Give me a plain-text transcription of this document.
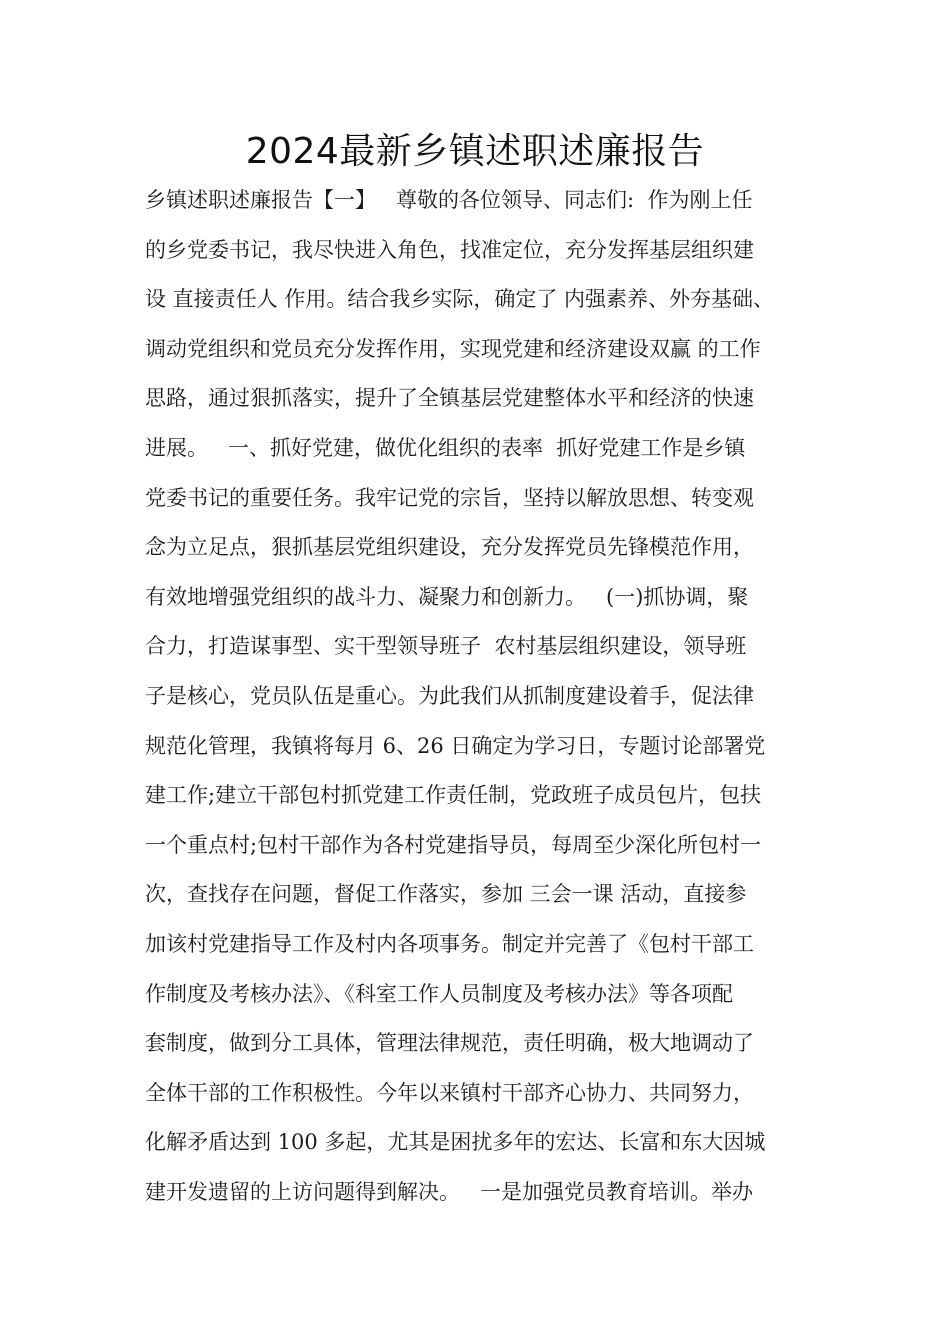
2024最新乡镇述职述廉报告
乡镇述职述廉报告【一】   尊敬的各位领导、同志们:  作为刚上任
的乡党委书记，我尽快进入角色，找准定位，充分发挥基层组织建
设 直接责任人 作用。结合我乡实际，确定了 内强素养、外夯基础、
调动党组织和党员充分发挥作用，实现党建和经济建设双赢 的工作
思路，通过狠抓落实，提升了全镇基层党建整体水平和经济的快速
进展。   一、抓好党建，做优化组织的表率  抓好党建工作是乡镇
党委书记的重要任务。我牢记党的宗旨，坚持以解放思想、转变观
念为立足点，狠抓基层党组织建设，充分发挥党员先锋模范作用，
有效地增强党组织的战斗力、凝聚力和创新力。   (一)抓协调，聚
合力，打造谋事型、实干型领导班子  农村基层组织建设，领导班
子是核心，党员队伍是重心。为此我们从抓制度建设着手，促法律
规范化管理，我镇将每月 6、26 日确定为学习日，专题讨论部署党
建工作;建立干部包村抓党建工作责任制，党政班子成员包片，包扶
一个重点村;包村干部作为各村党建指导员，每周至少深化所包村一
次，查找存在问题，督促工作落实，参加 三会一课 活动，直接参
加该村党建指导工作及村内各项事务。制定并完善了《包村干部工
作制度及考核办法》、《科室工作人员制度及考核办法》等各项配
套制度，做到分工具体，管理法律规范，责任明确，极大地调动了
全体干部的工作积极性。今年以来镇村干部齐心协力、共同努力，
化解矛盾达到 100 多起，尤其是困扰多年的宏达、长富和东大因城
建开发遗留的上访问题得到解决。   一是加强党员教育培训。举办
